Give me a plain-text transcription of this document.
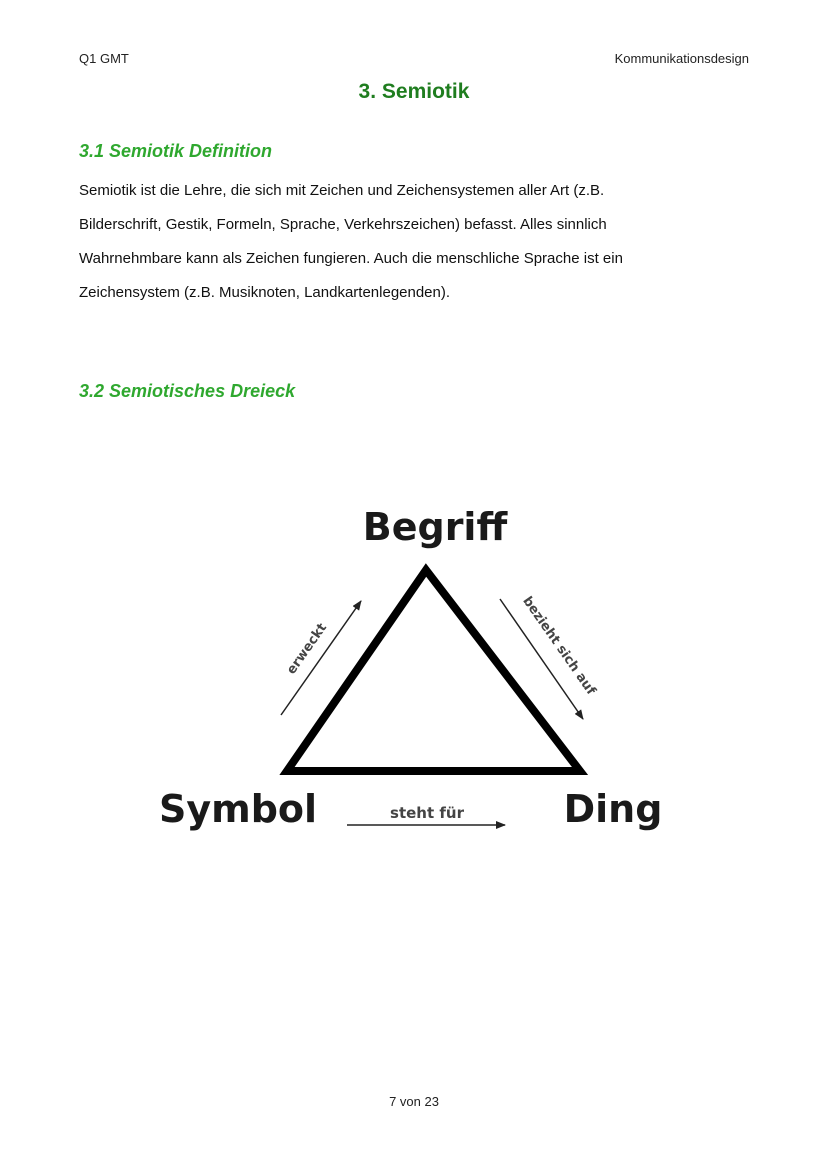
Q1 GMT	Kommunikationsdesign
3. Semiotik
3.1 Semiotik Definition

Semiotik ist die Lehre, die sich mit Zeichen und Zeichensystemen aller Art (z.B.
Bilderschrift, Gestik, Formeln, Sprache, Verkehrszeichen) befasst. Alles sinnlich
Wahrnehmbare kann als Zeichen fungieren. Auch die menschliche Sprache ist ein
Zeichensystem (z.B. Musiknoten, Landkartenlegenden).

3.2 Semiotisches Dreieck
Begriff
Symbol	Ding
erweckt	bezieht sich auf
steht für
7 von 23
